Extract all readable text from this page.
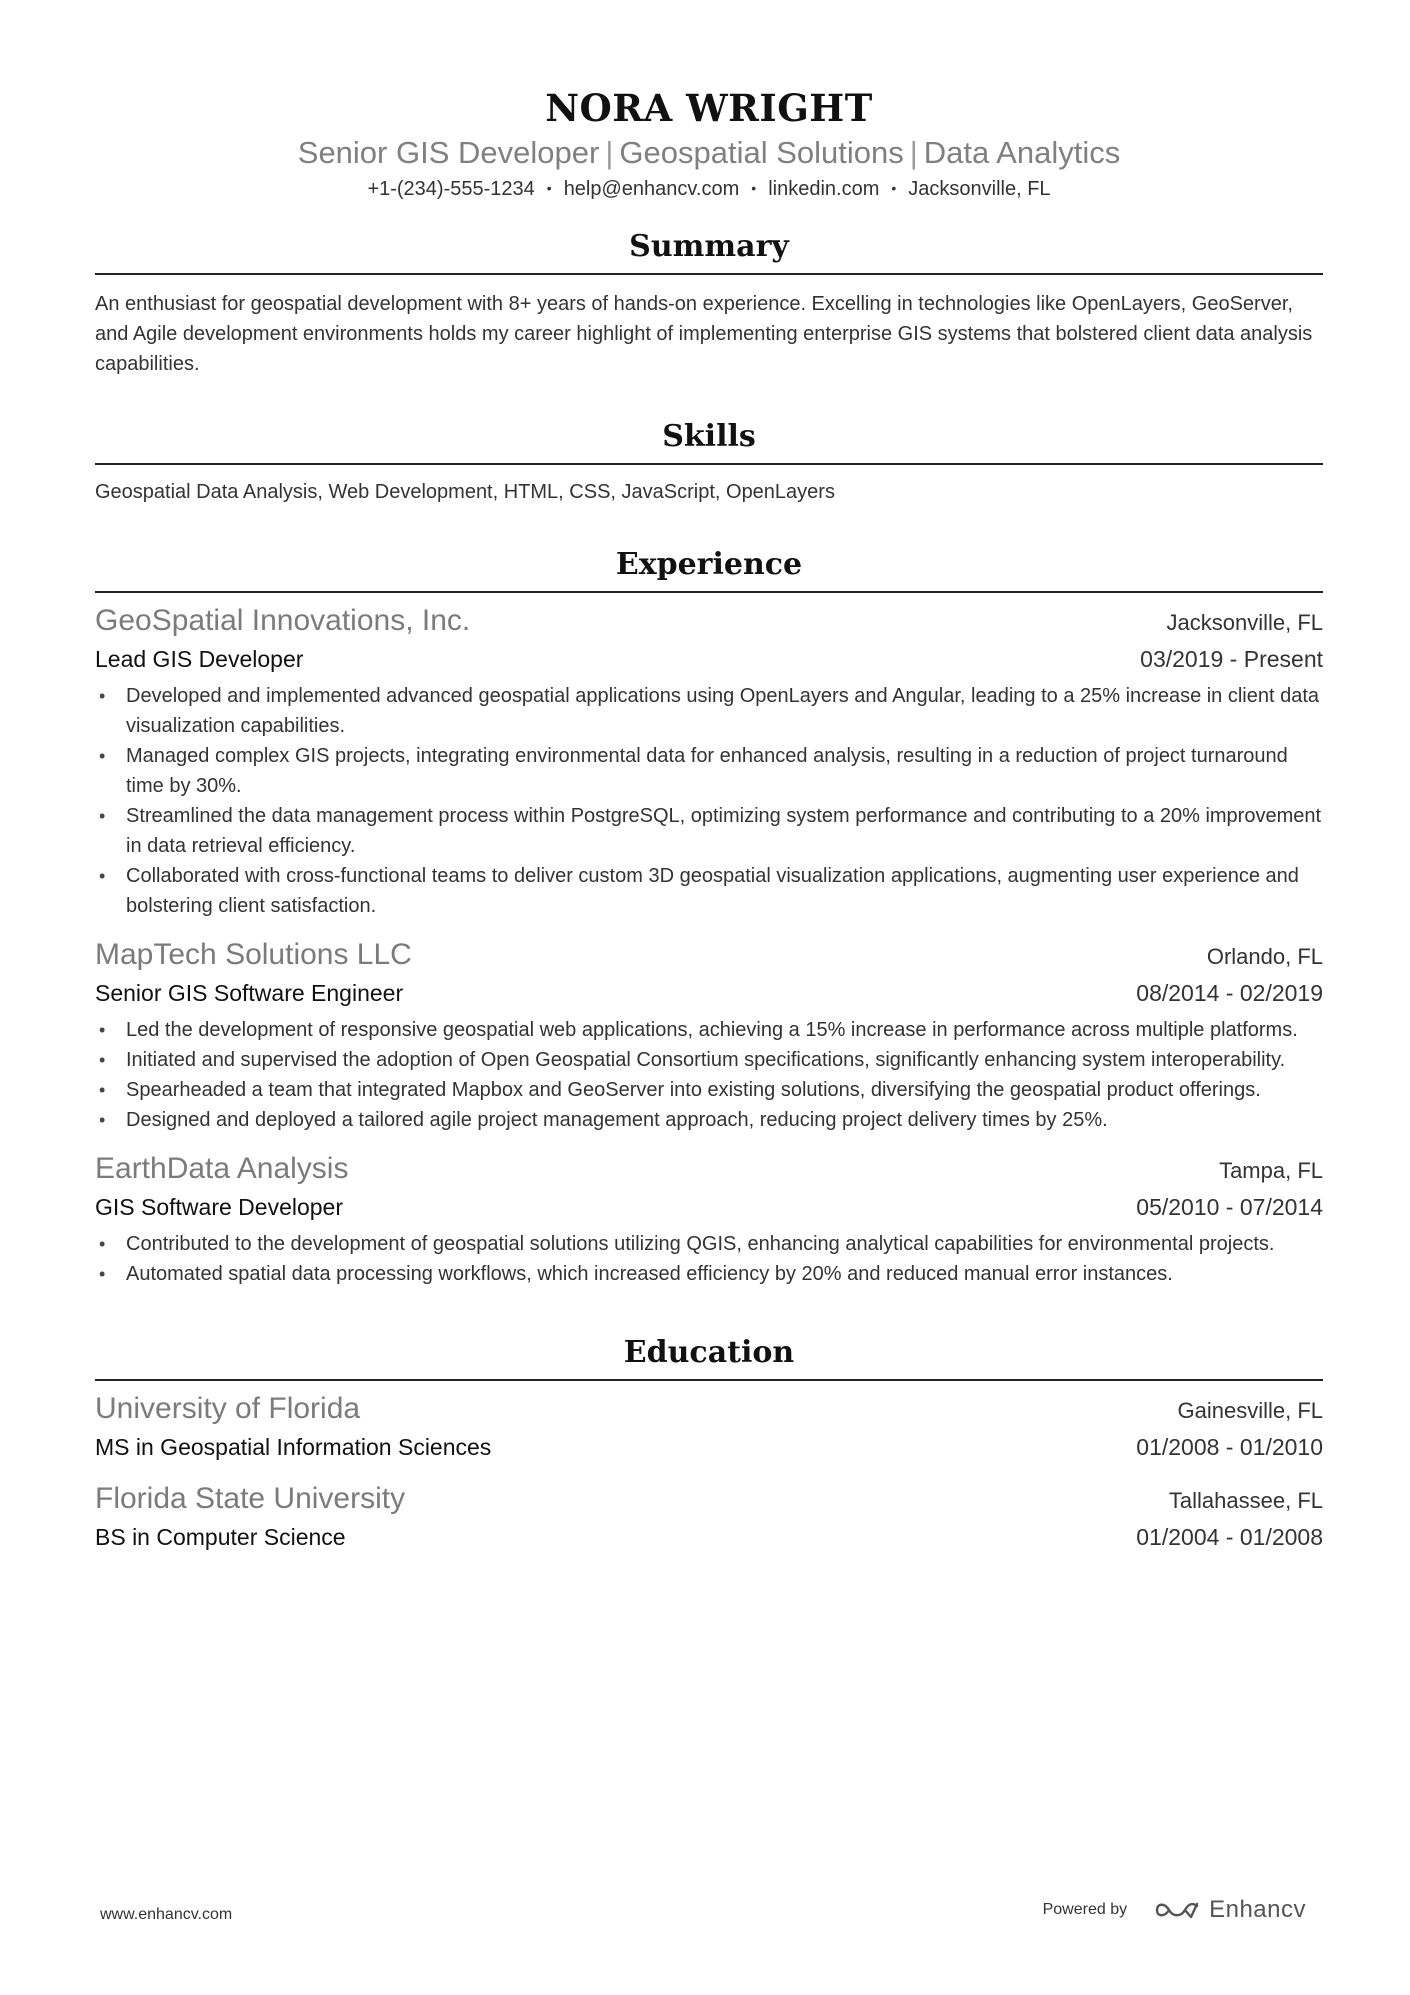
NORA WRIGHT
Senior GIS Developer | Geospatial Solutions | Data Analytics
+1-(234)-555-1234 • help@enhancv.com • linkedin.com • Jacksonville, FL
Summary
An enthusiast for geospatial development with 8+ years of hands-on experience. Excelling in technologies like OpenLayers, GeoServer, and Agile development environments holds my career highlight of implementing enterprise GIS systems that bolstered client data analysis capabilities.
Skills
Geospatial Data Analysis, Web Development, HTML, CSS, JavaScript, OpenLayers
Experience
GeoSpatial Innovations, Inc.	Jacksonville, FL
Lead GIS Developer	03/2019 - Present
• Developed and implemented advanced geospatial applications using OpenLayers and Angular, leading to a 25% increase in client data visualization capabilities.
• Managed complex GIS projects, integrating environmental data for enhanced analysis, resulting in a reduction of project turnaround time by 30%.
• Streamlined the data management process within PostgreSQL, optimizing system performance and contributing to a 20% improvement in data retrieval efficiency.
• Collaborated with cross-functional teams to deliver custom 3D geospatial visualization applications, augmenting user experience and bolstering client satisfaction.
MapTech Solutions LLC	Orlando, FL
Senior GIS Software Engineer	08/2014 - 02/2019
• Led the development of responsive geospatial web applications, achieving a 15% increase in performance across multiple platforms.
• Initiated and supervised the adoption of Open Geospatial Consortium specifications, significantly enhancing system interoperability.
• Spearheaded a team that integrated Mapbox and GeoServer into existing solutions, diversifying the geospatial product offerings.
• Designed and deployed a tailored agile project management approach, reducing project delivery times by 25%.
EarthData Analysis	Tampa, FL
GIS Software Developer	05/2010 - 07/2014
• Contributed to the development of geospatial solutions utilizing QGIS, enhancing analytical capabilities for environmental projects.
• Automated spatial data processing workflows, which increased efficiency by 20% and reduced manual error instances.
Education
University of Florida	Gainesville, FL
MS in Geospatial Information Sciences	01/2008 - 01/2010
Florida State University	Tallahassee, FL
BS in Computer Science	01/2004 - 01/2008
www.enhancv.com	Powered by	Enhancv
